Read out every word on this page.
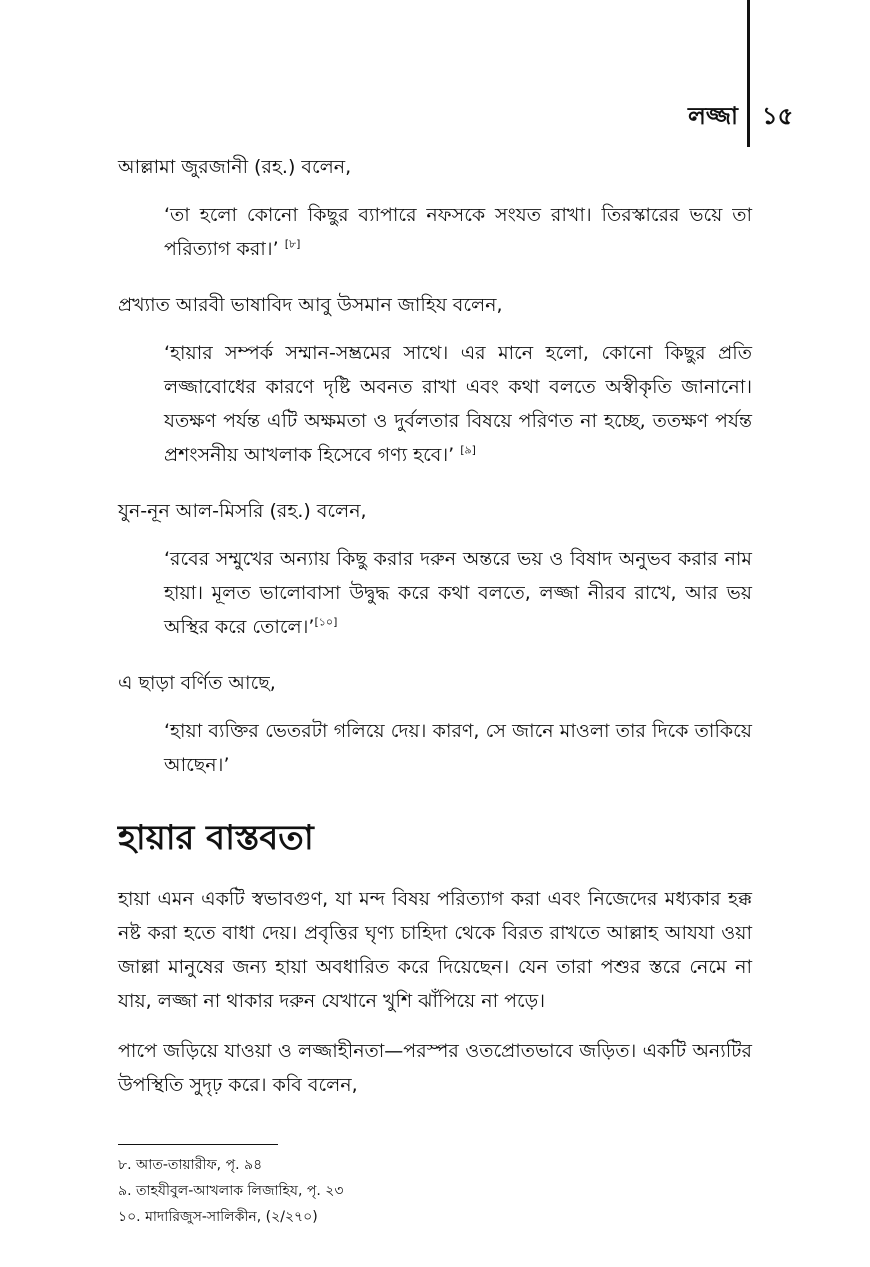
লজ্জা ১৫

আল্লামা জুরজানী (রহ.) বলেন,

‘তা হলো কোনো কিছুর ব্যাপারে নফসকে সংযত রাখা। তিরস্কারের ভয়ে তা পরিত্যাগ করা।’ [৮]

প্রখ্যাত আরবী ভাষাবিদ আবু উসমান জাহিয বলেন,

‘হায়ার সম্পর্ক সম্মান-সম্ভ্রমের সাথে। এর মানে হলো, কোনো কিছুর প্রতি লজ্জাবোধের কারণে দৃষ্টি অবনত রাখা এবং কথা বলতে অস্বীকৃতি জানানো। যতক্ষণ পর্যন্ত এটি অক্ষমতা ও দুর্বলতার বিষয়ে পরিণত না হচ্ছে, ততক্ষণ পর্যন্ত প্রশংসনীয় আখলাক হিসেবে গণ্য হবে।’ [৯]

যুন-নূন আল-মিসরি (রহ.) বলেন,

‘রবের সম্মুখের অন্যায় কিছু করার দরুন অন্তরে ভয় ও বিষাদ অনুভব করার নাম হায়া। মূলত ভালোবাসা উদ্বুদ্ধ করে কথা বলতে, লজ্জা নীরব রাখে, আর ভয় অস্থির করে তোলে।’[১০]

এ ছাড়া বর্ণিত আছে,

‘হায়া ব্যক্তির ভেতরটা গলিয়ে দেয়। কারণ, সে জানে মাওলা তার দিকে তাকিয়ে আছেন।’

হায়ার বাস্তবতা

হায়া এমন একটি স্বভাবগুণ, যা মন্দ বিষয় পরিত্যাগ করা এবং নিজেদের মধ্যকার হক্ক নষ্ট করা হতে বাধা দেয়। প্রবৃত্তির ঘৃণ্য চাহিদা থেকে বিরত রাখতে আল্লাহ আযযা ওয়া জাল্লা মানুষের জন্য হায়া অবধারিত করে দিয়েছেন। যেন তারা পশুর স্তরে নেমে না যায়, লজ্জা না থাকার দরুন যেখানে খুশি ঝাঁপিয়ে না পড়ে।

পাপে জড়িয়ে যাওয়া ও লজ্জাহীনতা—পরস্পর ওতপ্রোতভাবে জড়িত। একটি অন্যটির উপস্থিতি সুদৃঢ় করে। কবি বলেন,

৮. আত-তায়ারীফ, পৃ. ৯৪

৯. তাহযীবুল-আখলাক লিজাহিয, পৃ. ২৩

১০. মাদারিজুস-সালিকীন, (২/২৭০)
